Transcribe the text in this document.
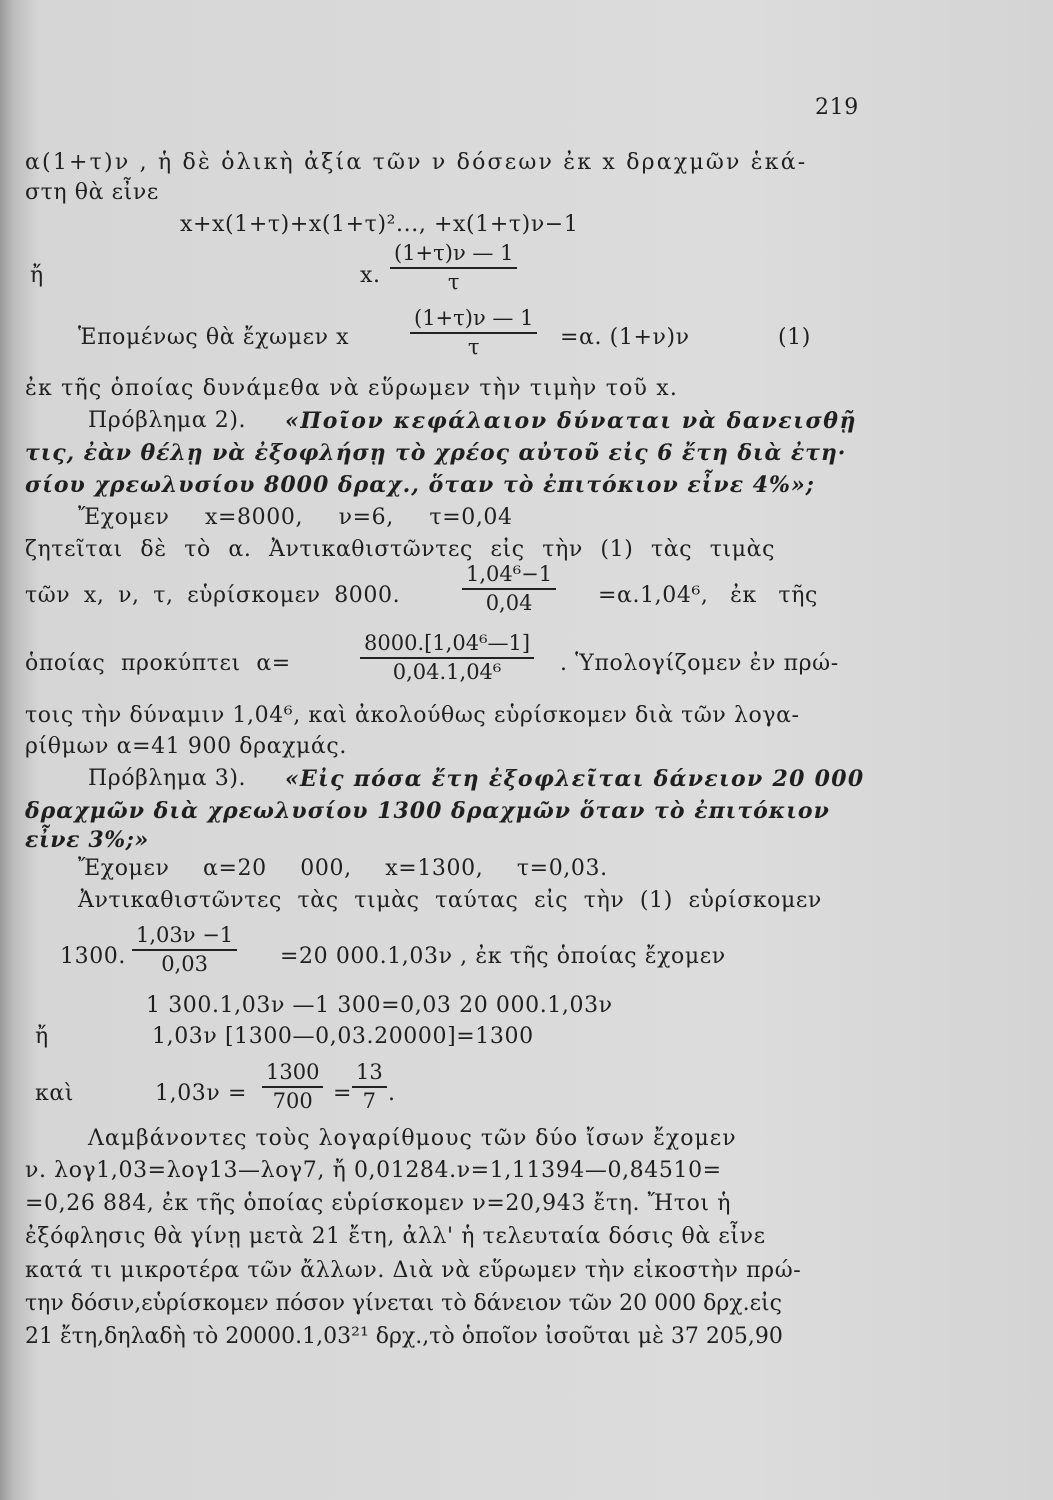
219
α(1+τ)ν , ἡ δὲ ὁλικὴ ἀξία τῶν ν δόσεων ἐκ x δραχμῶν ἑκά-
στη θὰ εἶνε
x+x(1+τ)+x(1+τ)²..., +x(1+τ)ν−1
ἤ	x. $\frac{(1+\tau)\nu — 1}{\tau}$
Ἑπομένως θὰ ἔχωμεν x	$\frac{(1+\tau)\nu — 1}{\tau} =\alpha$. (1+ν)ν	(1)
ἐκ τῆς ὁποίας δυνάμεθα νὰ εὕρωμεν τὴν τιμὴν τοῦ x.
Πρόβλημα 2). «Ποῖον κεφάλαιον δύναται νὰ δανεισθῇ
τις, ἐὰν θέλῃ νὰ ἐξοφλήσῃ τὸ χρέος αὐτοῦ εἰς 6 ἔτη διὰ ἐτη·
σίου χρεωλυσίου 8000 δραχ., ὅταν τὸ ἐπιτόκιον εἶνε 4%»;
Ἔχομεν x=8000, ν=6, τ=0,04
ζητεῖται δὲ τὸ α. Ἀντικαθιστῶντες εἰς τὴν (1) τὰς τιμὰς
τῶν x, ν, τ, εὑρίσκομεν 8000.	$\frac{\text{1,04⁶−1}}{0,04} =\alpha.1,04^6$, ἐκ τῆς
ὁποίας προκύπτει α=	$\frac{\text{8000.[1,04⁶—1]}}{\text{0,04.1,04⁶}}$ . Ὑπολογίζομεν ἐν πρώ-
τοις τὴν δύναμιν 1,04⁶, καὶ ἀκολούθως εὑρίσκομεν διὰ τῶν λογα-
ρίθμων α=41 900 δραχμάς.
Πρόβλημα 3). «Εἰς πόσα ἔτη ἐξοφλεῖται δάνειον 20 000
δραχμῶν διὰ χρεωλυσίου 1300 δραχμῶν ὅταν τὸ ἐπιτόκιον
εἶνε 3%;»
Ἔχομεν α=20 000, x=1300, τ=0,03.
Ἀντικαθιστῶντες τὰς τιμὰς ταύτας εἰς τὴν (1) εὑρίσκομεν
1300. $\frac{1,03\nu -1}{0,03} =20$ 000.1,03ν , ἐκ τῆς ὁποίας ἔχομεν
1 300.1,03ν —1 300=0,03 20 000.1,03ν
ἤ	1,03ν [1300—0,03.20000]=1300
καὶ	$1,03\nu = \frac{1300}{700} = \frac{13}{7}$ .
Λαμβάνοντες τοὺς λογαρίθμους τῶν δύο ἴσων ἔχομεν
ν. λογ1,03=λογ13—λογ7, ἤ 0,01284.ν=1,11394—0,84510=
=0,26 884, ἐκ τῆς ὁποίας εὑρίσκομεν ν=20,943 ἔτη. Ἤτοι ἡ
ἐξόφλησις θὰ γίνῃ μετὰ 21 ἔτη, ἀλλ' ἡ τελευταία δόσις θὰ εἶνε
κατά τι μικροτέρα τῶν ἄλλων. Διὰ νὰ εὕρωμεν τὴν εἰκοστὴν πρώ-
την δόσιν,εὑρίσκομεν πόσον γίνεται τὸ δάνειον τῶν 20 000 δρχ.εἰς
21 ἔτη,δηλαδὴ τὸ 20000.1,03²¹ δρχ.,τὸ ὁποῖον ἰσοῦται μὲ 37 205,90
